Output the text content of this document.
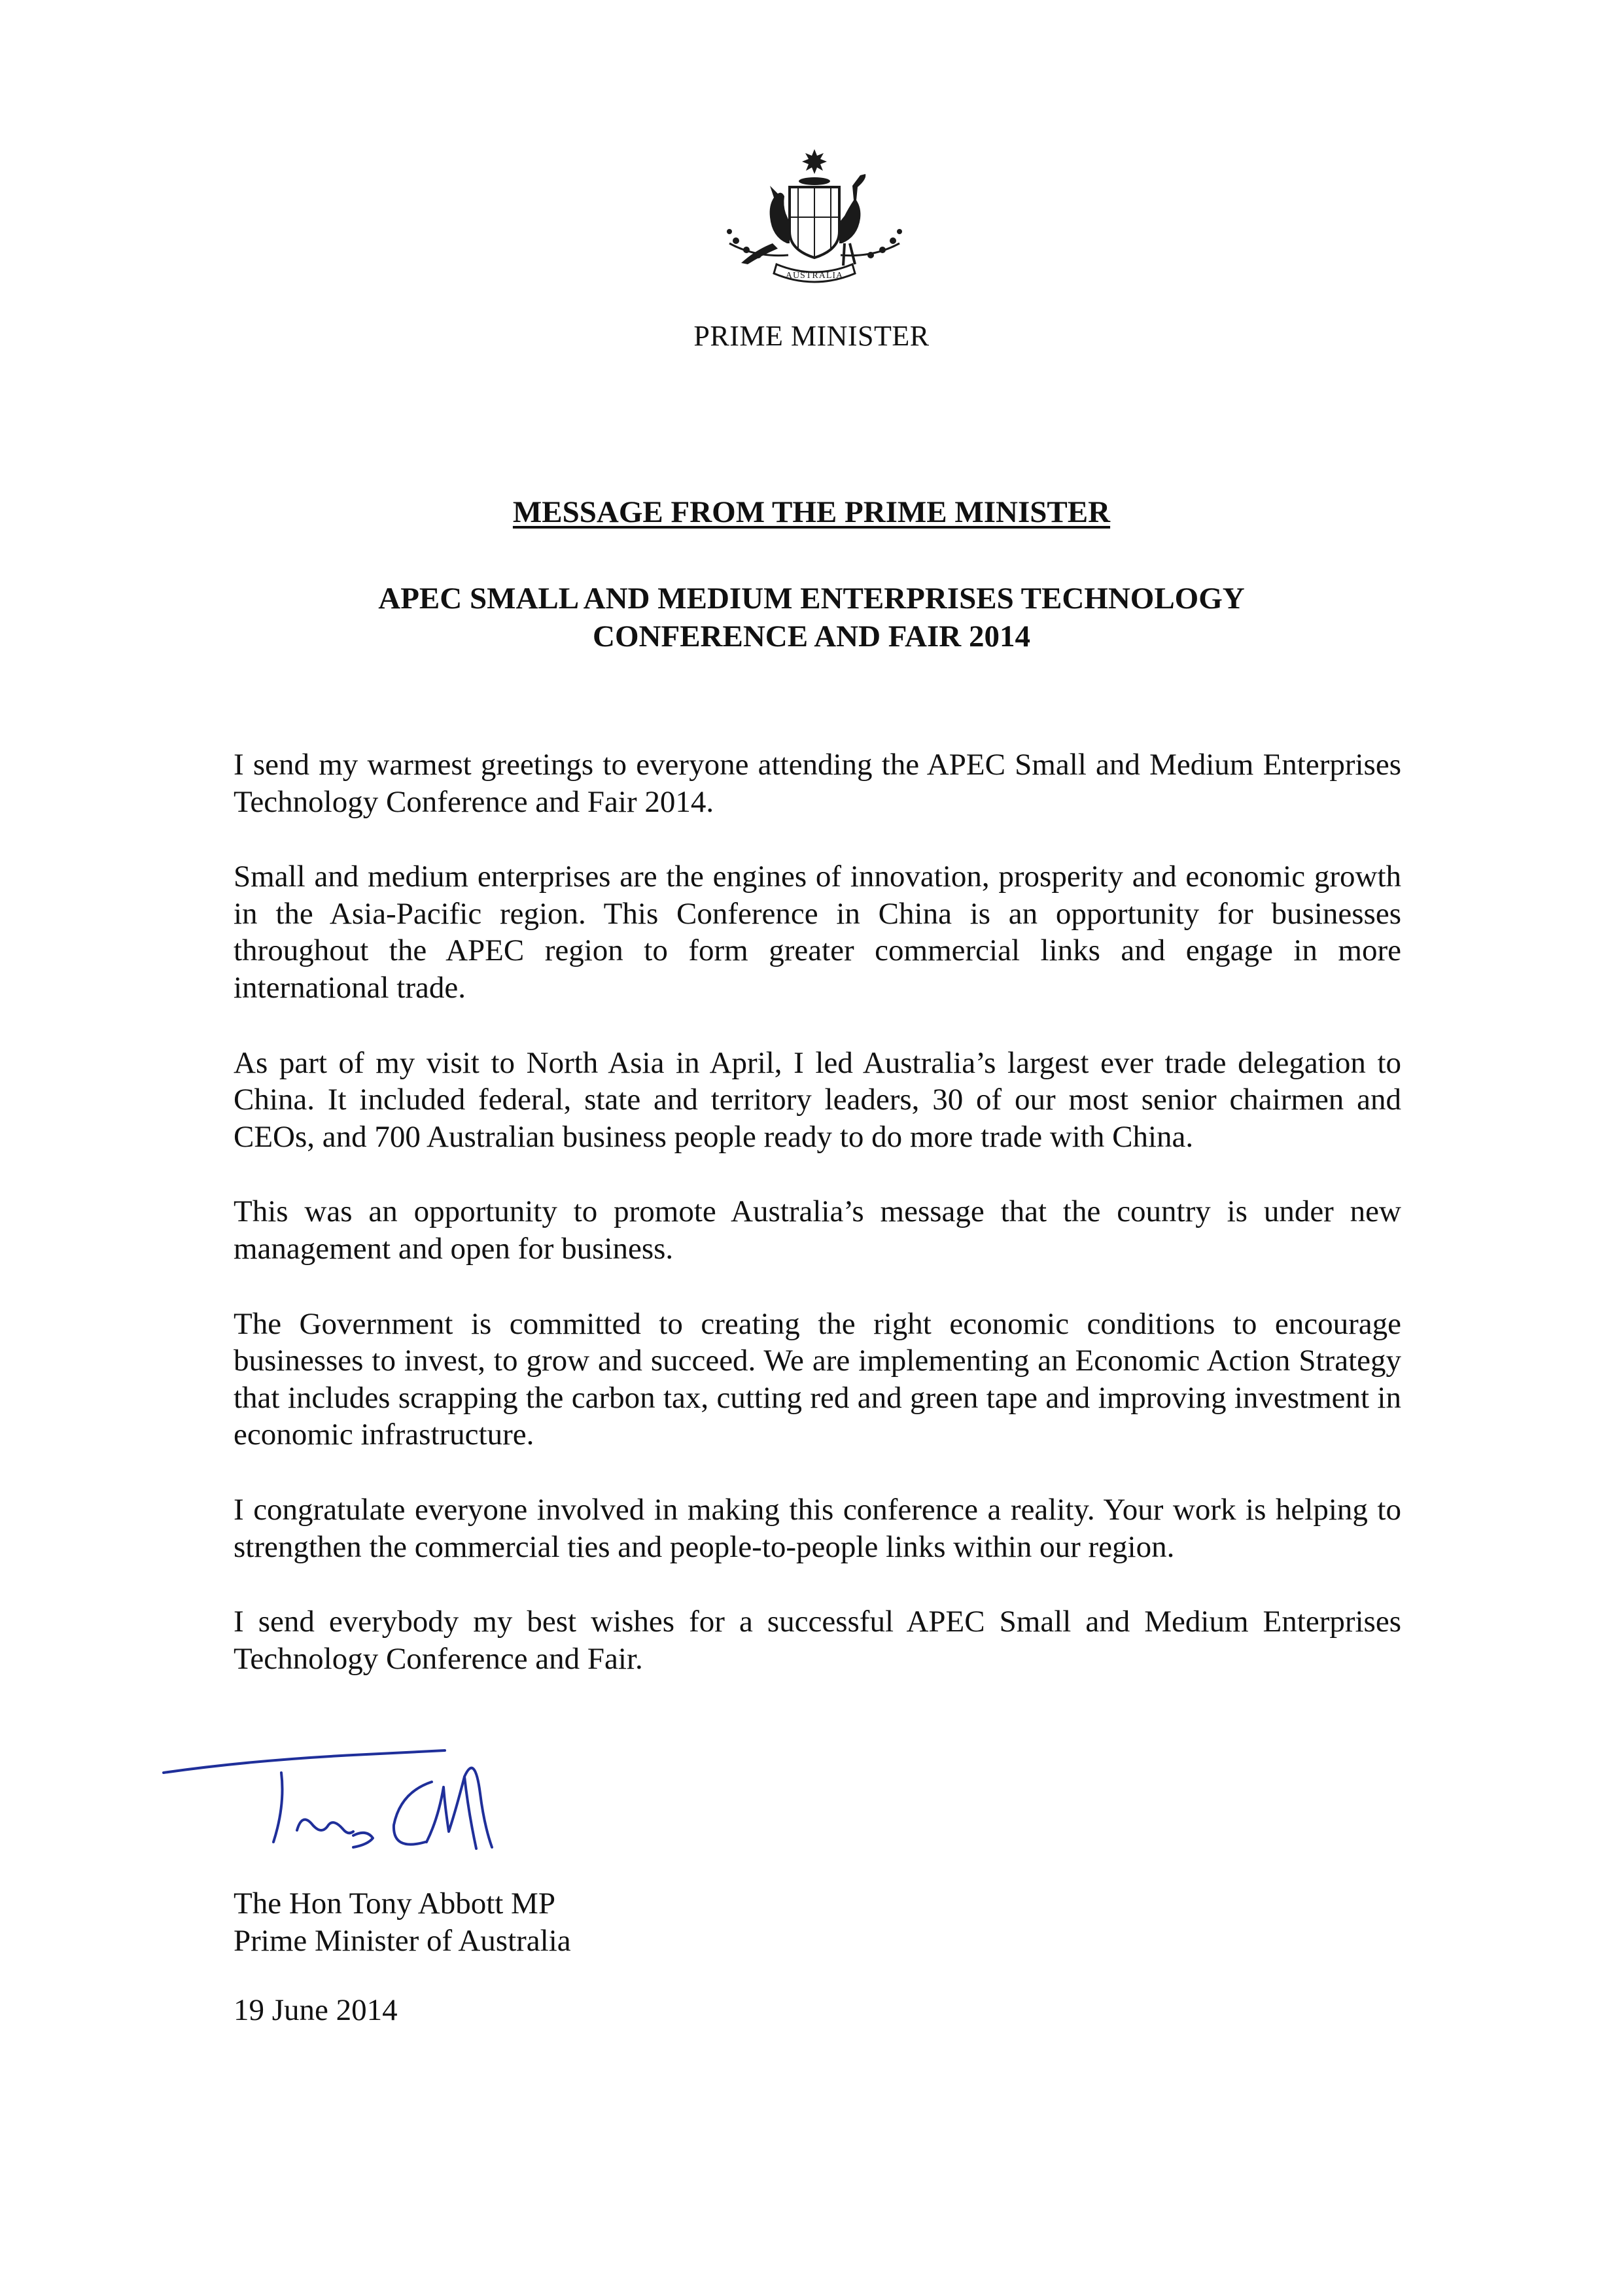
AUSTRALIA
PRIME MINISTER
MESSAGE FROM THE PRIME MINISTER
APEC SMALL AND MEDIUM ENTERPRISES TECHNOLOGY
CONFERENCE AND FAIR 2014

I send my warmest greetings to everyone attending the APEC Small and Medium Enterprises Technology Conference and Fair 2014.

Small and medium enterprises are the engines of innovation, prosperity and economic growth in the Asia-Pacific region. This Conference in China is an opportunity for businesses throughout the APEC region to form greater commercial links and engage in more international trade.

As part of my visit to North Asia in April, I led Australia’s largest ever trade delegation to China. It included federal, state and territory leaders, 30 of our most senior chairmen and CEOs, and 700 Australian business people ready to do more trade with China.

This was an opportunity to promote Australia’s message that the country is under new management and open for business.

The Government is committed to creating the right economic conditions to encourage businesses to invest, to grow and succeed. We are implementing an Economic Action Strategy that includes scrapping the carbon tax, cutting red and green tape and improving investment in economic infrastructure.

I congratulate everyone involved in making this conference a reality. Your work is helping to strengthen the commercial ties and people-to-people links within our region.

I send everybody my best wishes for a successful APEC Small and Medium Enterprises Technology Conference and Fair.

The Hon Tony Abbott MP
Prime Minister of Australia
19 June 2014
